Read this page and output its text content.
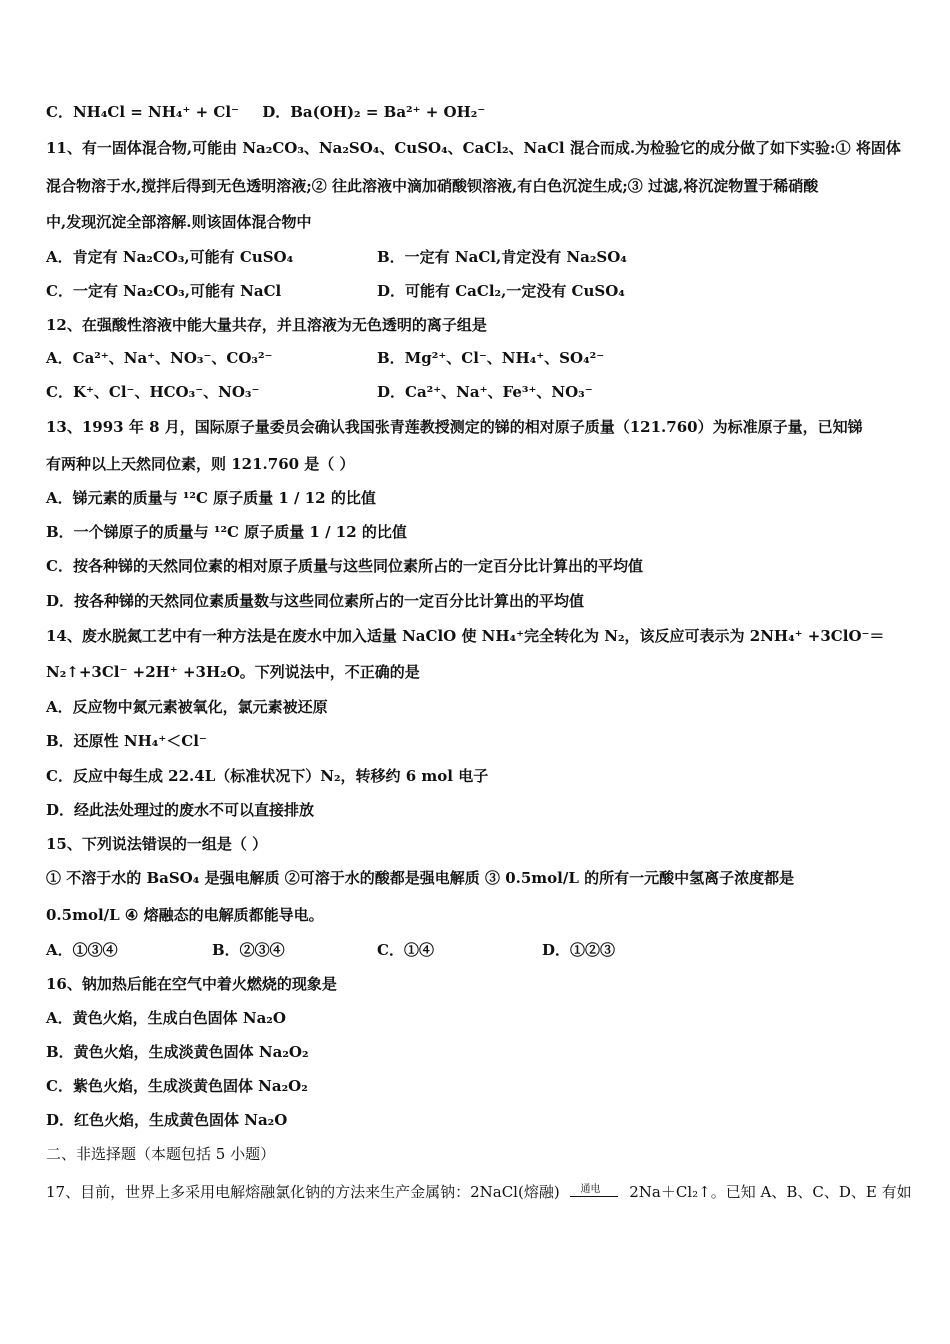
C．NH₄Cl = NH₄⁺ + Cl⁻ D．Ba(OH)₂ = Ba²⁺ + OH₂⁻
11、有一固体混合物,可能由 Na₂CO₃、Na₂SO₄、CuSO₄、CaCl₂、NaCl 混合而成.为检验它的成分做了如下实验:① 将固体
混合物溶于水,搅拌后得到无色透明溶液;② 往此溶液中滴加硝酸钡溶液,有白色沉淀生成;③ 过滤,将沉淀物置于稀硝酸
中,发现沉淀全部溶解.则该固体混合物中
A．肯定有 Na₂CO₃,可能有 CuSO₄	B．一定有 NaCl,肯定没有 Na₂SO₄
C．一定有 Na₂CO₃,可能有 NaCl	D．可能有 CaCl₂,一定没有 CuSO₄
12、在强酸性溶液中能大量共存，并且溶液为无色透明的离子组是
A．Ca²⁺、Na⁺、NO₃⁻、CO₃²⁻	B．Mg²⁺、Cl⁻、NH₄⁺、SO₄²⁻
C．K⁺、Cl⁻、HCO₃⁻、NO₃⁻	D．Ca²⁺、Na⁺、Fe³⁺、NO₃⁻
13、1993 年 8 月，国际原子量委员会确认我国张青莲教授测定的锑的相对原子质量（121.760）为标准原子量，已知锑
有两种以上天然同位素，则 121.760 是（ ）
A．锑元素的质量与 ¹²C 原子质量 1 / 12 的比值
B．一个锑原子的质量与 ¹²C 原子质量 1 / 12 的比值
C．按各种锑的天然同位素的相对原子质量与这些同位素所占的一定百分比计算出的平均值
D．按各种锑的天然同位素质量数与这些同位素所占的一定百分比计算出的平均值
14、废水脱氮工艺中有一种方法是在废水中加入适量 NaClO 使 NH₄⁺完全转化为 N₂，该反应可表示为 2NH₄⁺ +3ClO⁻＝
N₂↑+3Cl⁻ +2H⁺ +3H₂O。下列说法中，不正确的是
A．反应物中氮元素被氧化，氯元素被还原
B．还原性 NH₄⁺＜Cl⁻
C．反应中每生成 22.4L（标准状况下）N₂，转移约 6 mol 电子
D．经此法处理过的废水不可以直接排放
15、下列说法错误的一组是（ ）
① 不溶于水的 BaSO₄ 是强电解质 ②可溶于水的酸都是强电解质 ③ 0.5mol/L 的所有一元酸中氢离子浓度都是
0.5mol/L ④ 熔融态的电解质都能导电。
A．①③④	B．②③④	C．①④	D．①②③
16、钠加热后能在空气中着火燃烧的现象是
A．黄色火焰，生成白色固体 Na₂O
B．黄色火焰，生成淡黄色固体 Na₂O₂
C．紫色火焰，生成淡黄色固体 Na₂O₂
D．红色火焰，生成黄色固体 Na₂O
二、非选择题（本题包括 5 小题）
17、目前，世界上多采用电解熔融氯化钠的方法来生产金属钠：2NaCl(熔融) 通电 2Na＋Cl₂↑。已知 A、B、C、D、E 有如
